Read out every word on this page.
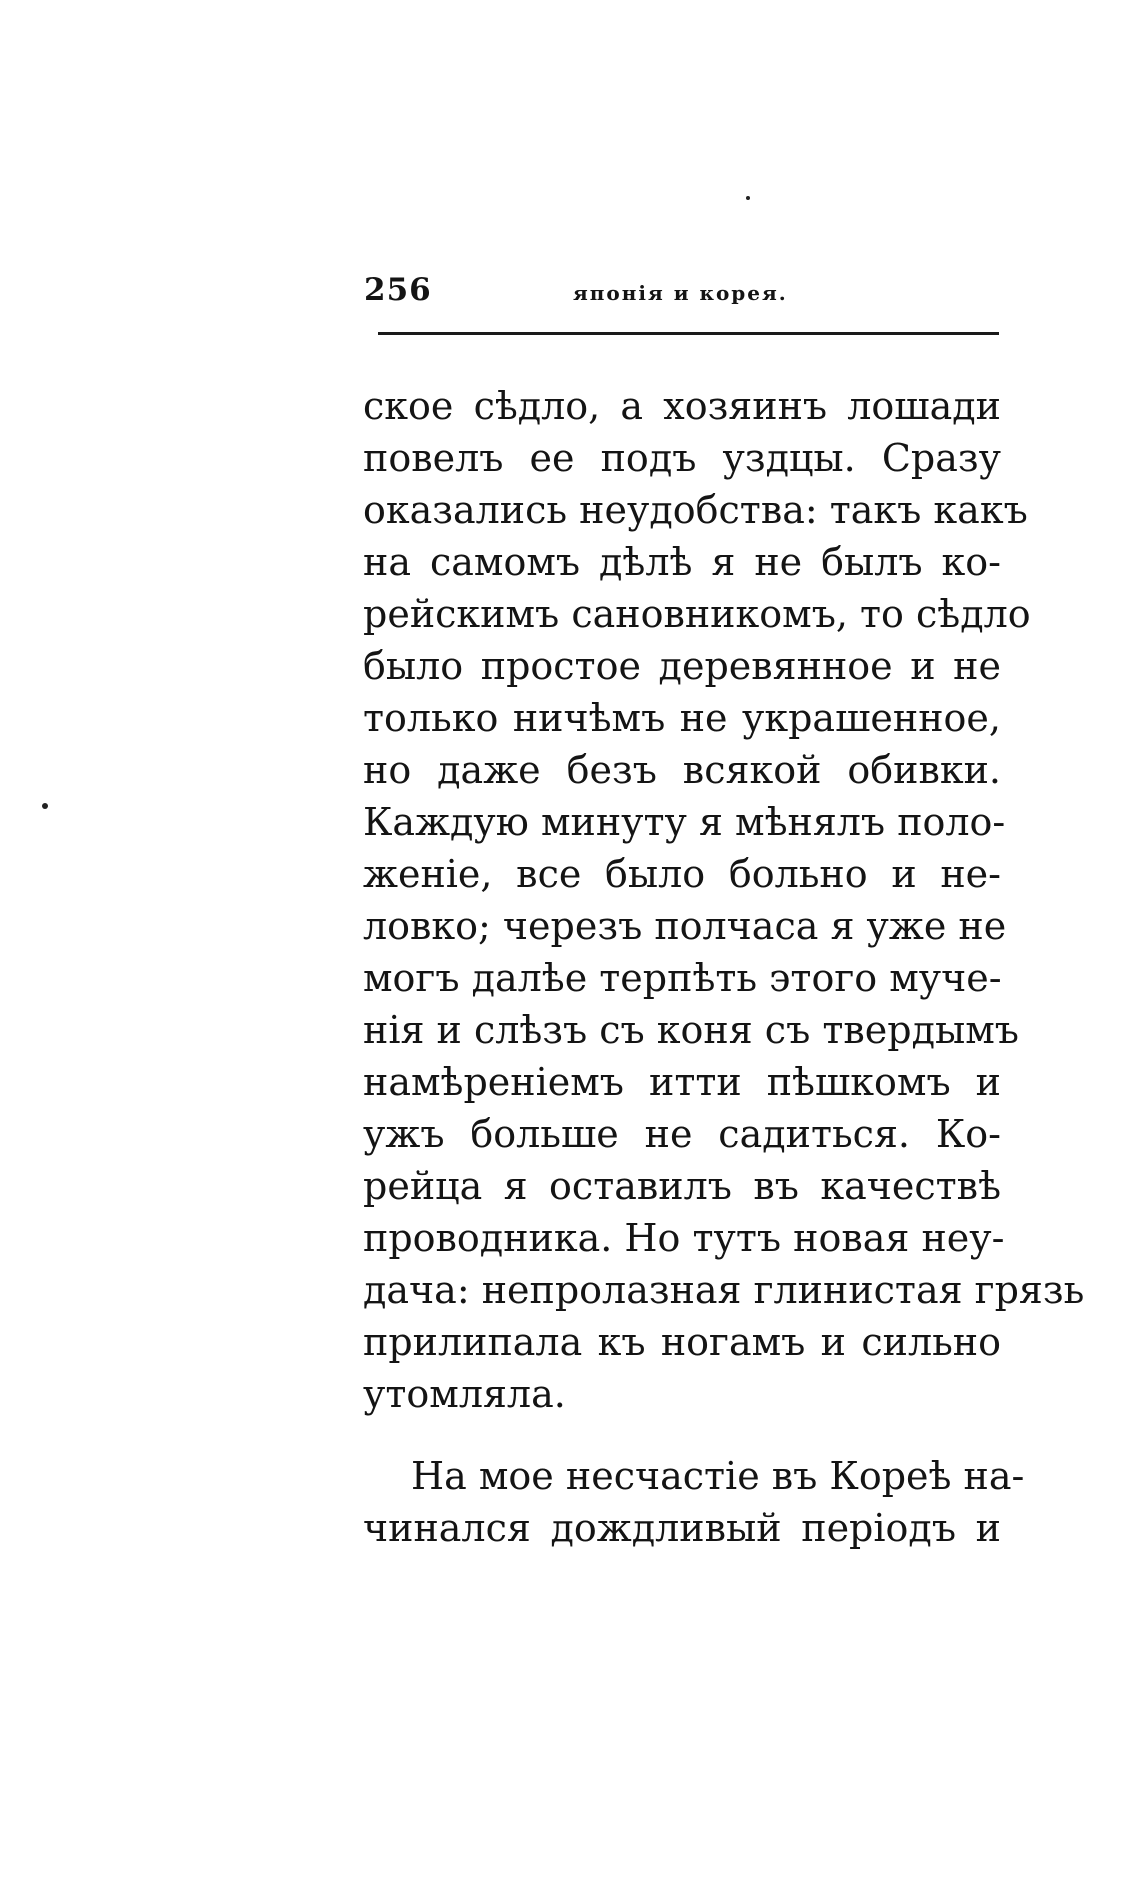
256	японія и корея.
ское сѣдло, а хозяинъ лошади
повелъ ее подъ уздцы. Сразу
оказались неудобства: такъ какъ
на самомъ дѣлѣ я не былъ ко-
рейскимъ сановникомъ, то сѣдло
было простое деревянное и не
только ничѣмъ не украшенное,
но даже безъ всякой обивки.
Каждую минуту я мѣнялъ поло-
женіе, все было больно и не-
ловко; черезъ полчаса я уже не
могъ далѣе терпѣть этого муче-
нія и слѣзъ съ коня съ твердымъ
намѣреніемъ итти пѣшкомъ и
ужъ больше не садиться. Ко-
рейца я оставилъ въ качествѣ
проводника. Но тутъ новая неу-
дача: непролазная глинистая грязь
прилипала къ ногамъ и сильно
утомляла.
На мое несчастіе въ Кореѣ на-
чинался дождливый періодъ и
